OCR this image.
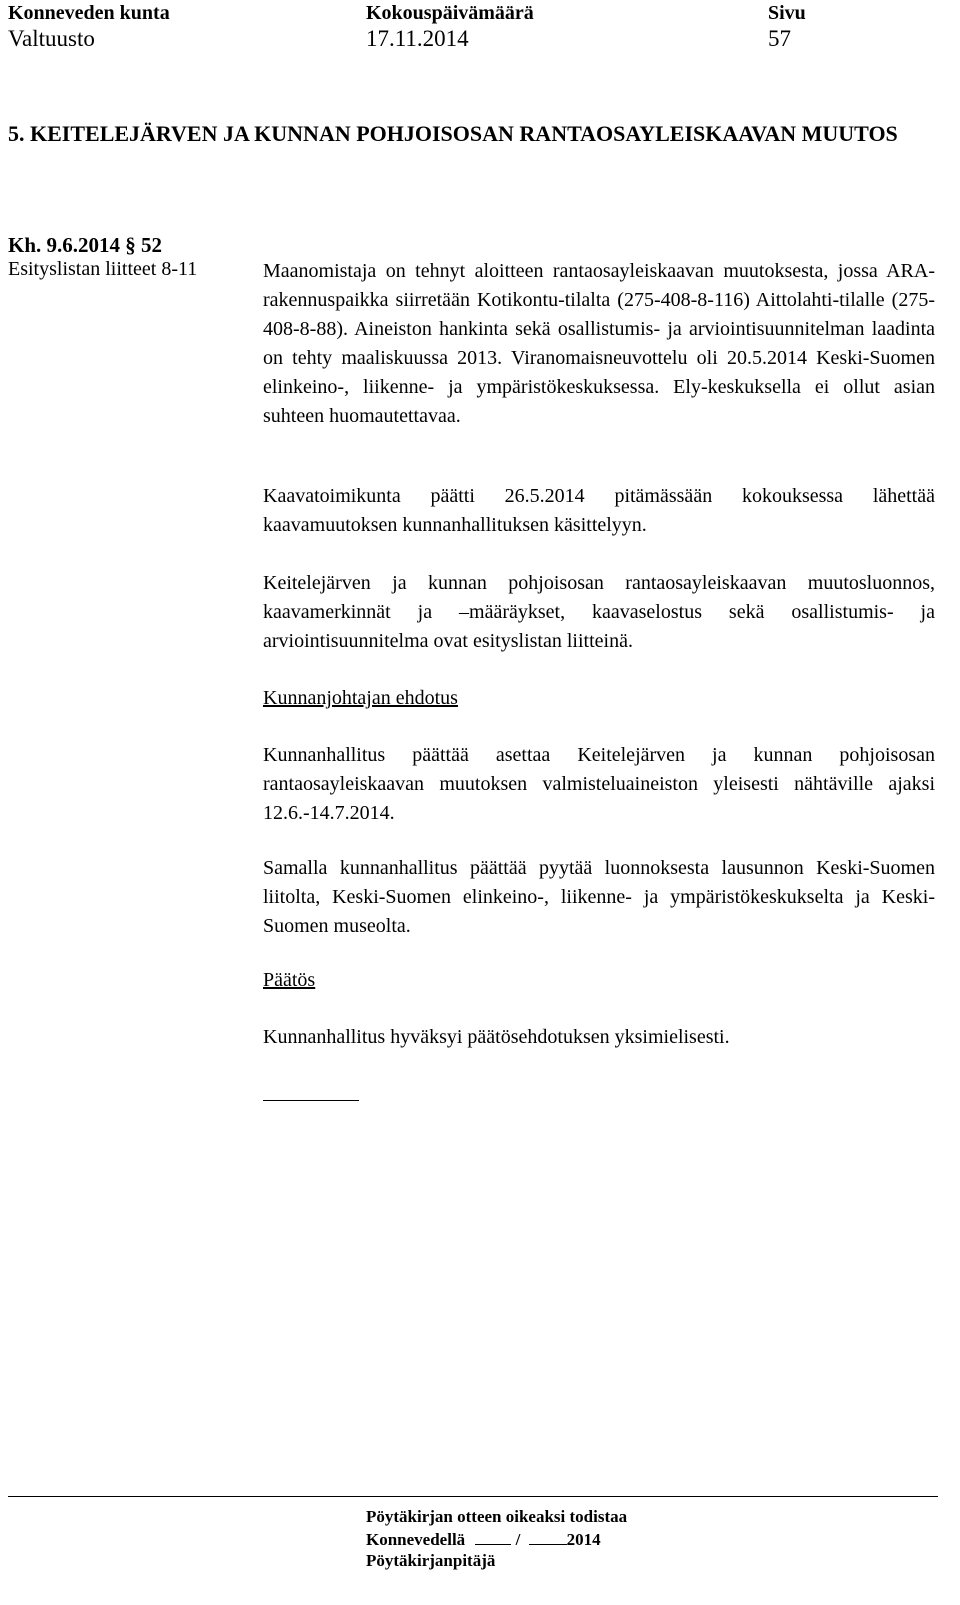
Konneveden kunta
Valtuusto
Kokouspäivämäärä
17.11.2014
Sivu
57
5. KEITELEJÄRVEN JA KUNNAN POHJOISOSAN RANTAOSAYLEISKAAVAN MUUTOS
Kh. 9.6.2014 § 52
Esityslistan liitteet 8-11	Maanomistaja on tehnyt aloitteen rantaosayleiskaavan muutoksesta, jossa ARA-rakennuspaikka siirretään Kotikontu-tilalta (275-408-8-116) Aittolahti-tilalle (275-408-8-88). Aineiston hankinta sekä osallistumis- ja arviointisuunnitelman laadinta on tehty maaliskuussa 2013. Viranomaisneuvottelu oli 20.5.2014 Keski-Suomen elinkeino-, liikenne- ja ympäristökeskuksessa. Ely-keskuksella ei ollut asian suhteen huomautettavaa.

Kaavatoimikunta päätti 26.5.2014 pitämässään kokouksessa lähettää kaavamuutoksen kunnanhallituksen käsittelyyn.

Keitelejärven ja kunnan pohjoisosan rantaosayleiskaavan muutosluonnos, kaavamerkinnät ja –määräykset, kaavaselostus sekä osallistumis- ja arviointisuunnitelma ovat esityslistan liitteinä.

Kunnanjohtajan ehdotus

Kunnanhallitus päättää asettaa Keitelejärven ja kunnan pohjoisosan rantaosayleiskaavan muutoksen valmisteluaineiston yleisesti nähtäville ajaksi 12.6.-14.7.2014.

Samalla kunnanhallitus päättää pyytää luonnoksesta lausunnon Keski-Suomen liitolta, Keski-Suomen elinkeino-, liikenne- ja ympäristökeskukselta ja Keski-Suomen museolta.

Päätös

Kunnanhallitus hyväksyi päätösehdotuksen yksimielisesti.

Pöytäkirjan otteen oikeaksi todistaa
Konnevedellä	/	2014
Pöytäkirjanpitäjä
